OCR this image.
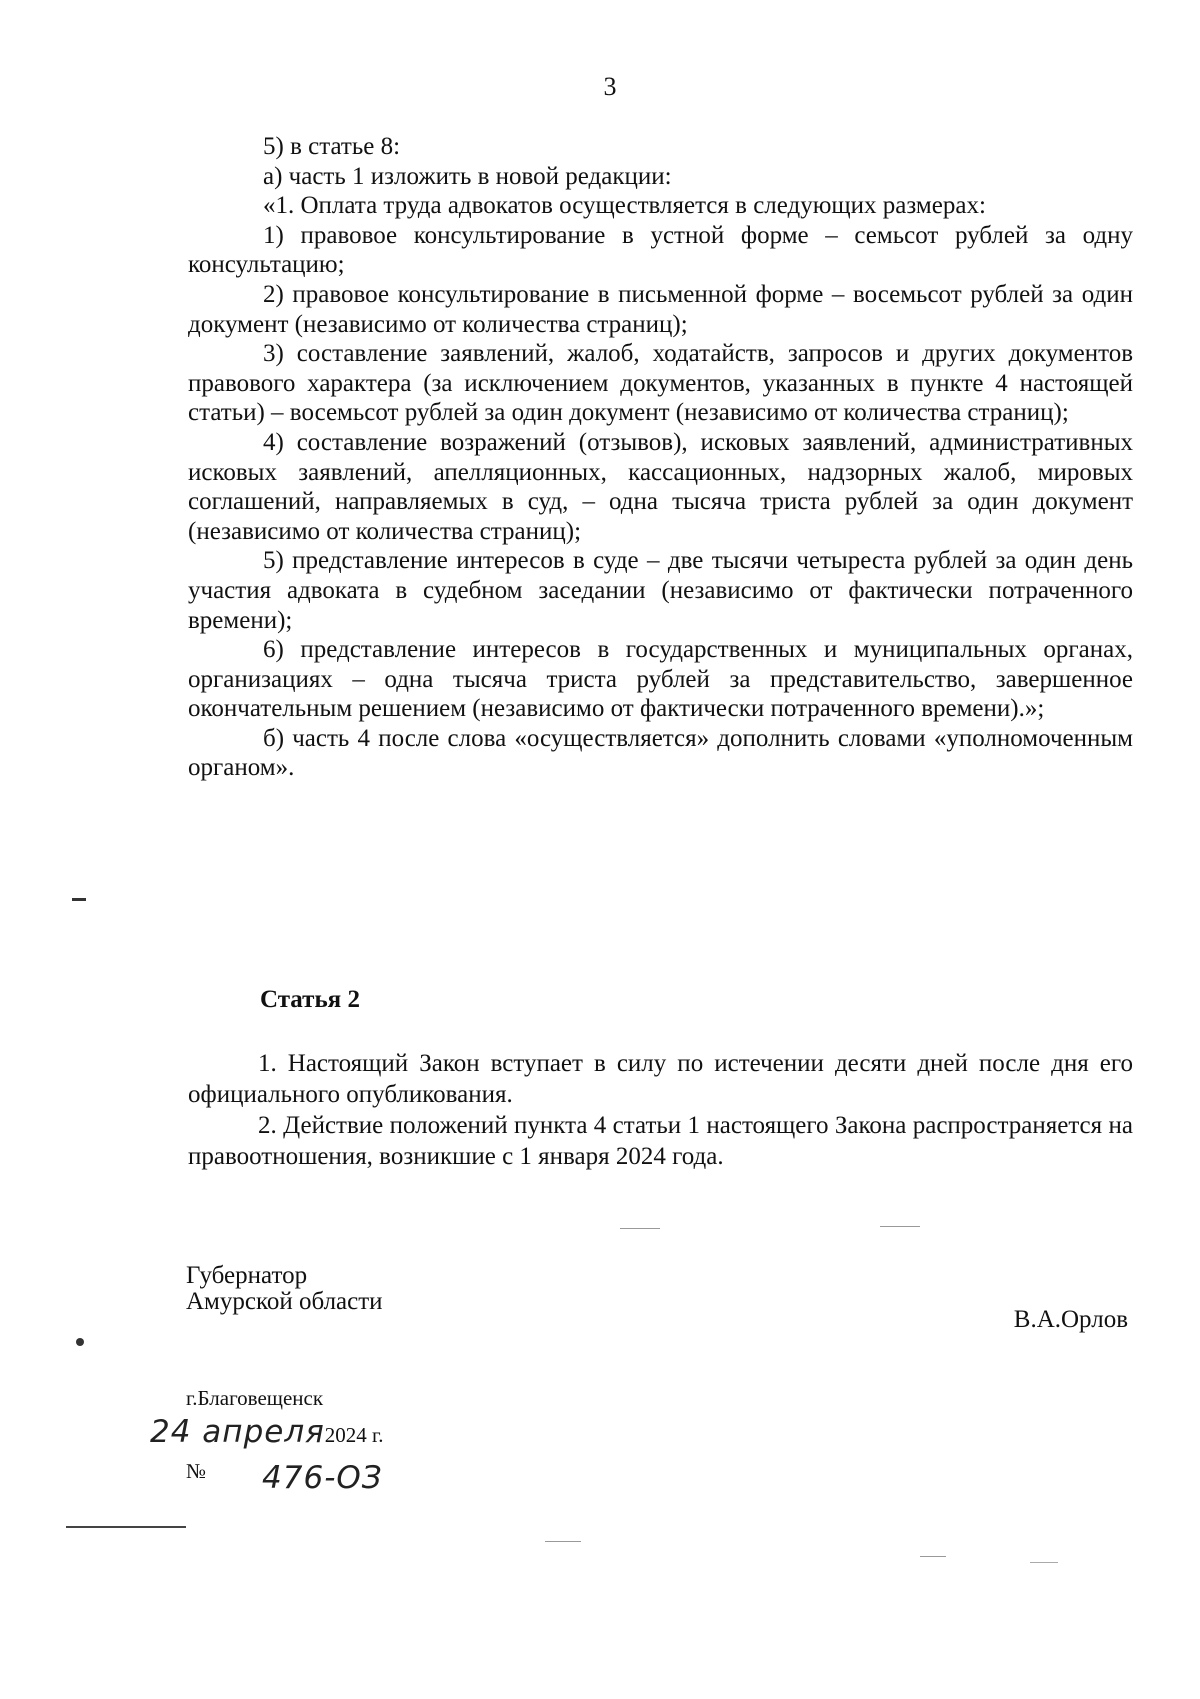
3

5) в статье 8:

а) часть 1 изложить в новой редакции:

«1. Оплата труда адвокатов осуществляется в следующих размерах:

1) правовое консультирование в устной форме – семьсот рублей за одну консультацию;

2) правовое консультирование в письменной форме – восемьсот рублей за один документ (независимо от количества страниц);

3) составление заявлений, жалоб, ходатайств, запросов и других документов правового характера (за исключением документов, указанных в пункте 4 настоящей статьи) – восемьсот рублей за один документ (независимо от количества страниц);

4) составление возражений (отзывов), исковых заявлений, административных исковых заявлений, апелляционных, кассационных, надзорных жалоб, мировых соглашений, направляемых в суд, – одна тысяча триста рублей за один документ (независимо от количества страниц);

5) представление интересов в суде – две тысячи четыреста рублей за один день участия адвоката в судебном заседании (независимо от фактически потраченного времени);

6) представление интересов в государственных и муниципальных органах, организациях – одна тысяча триста рублей за представительство, завершенное окончательным решением (независимо от фактически потраченного времени).»;

б) часть 4 после слова «осуществляется» дополнить словами «уполномоченным органом».

Статья 2

1. Настоящий Закон вступает в силу по истечении десяти дней после дня его официального опубликования.

2. Действие положений пункта 4 статьи 1 настоящего Закона распространяется на правоотношения, возникшие с 1 января 2024 года.

Губернатор
Амурской области
В.А.Орлов
г.Благовещенск
24 апреля2024 г.
№ 476-ОЗ
